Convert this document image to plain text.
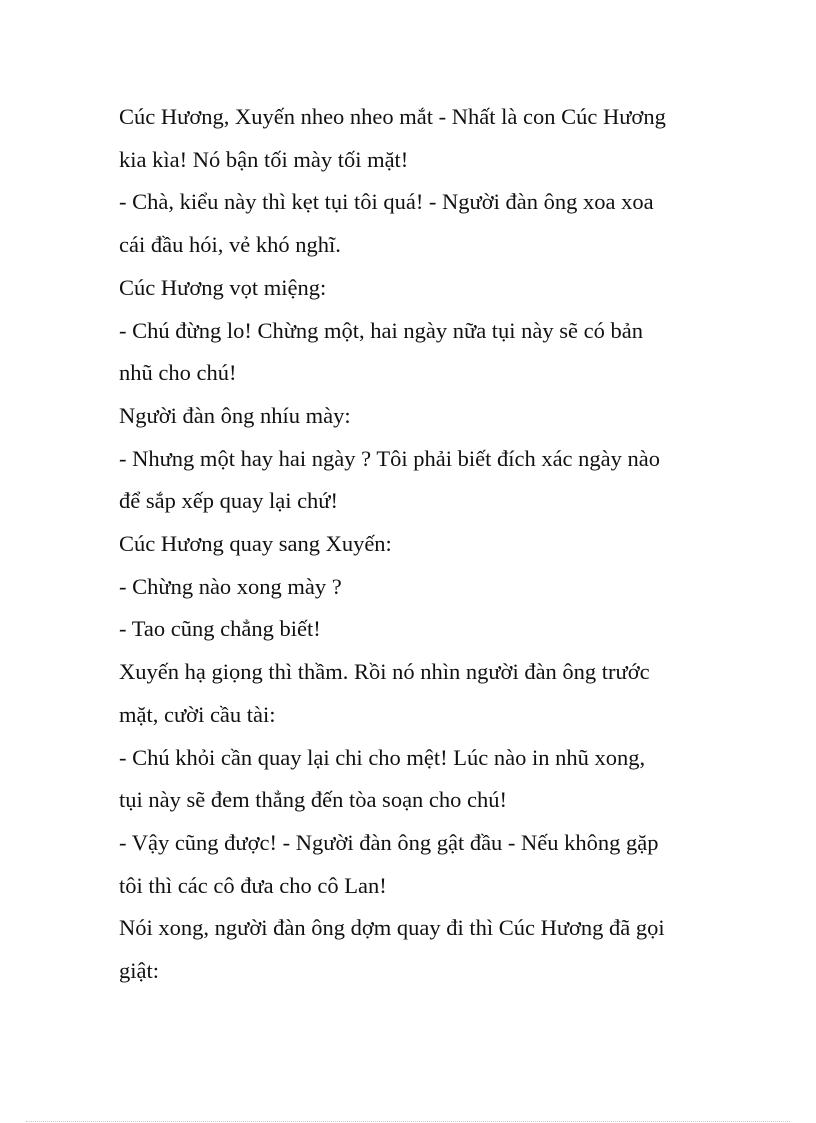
Cúc Hương, Xuyến nheo nheo mắt - Nhất là con Cúc Hương
kia kìa! Nó bận tối mày tối mặt!
- Chà, kiểu này thì kẹt tụi tôi quá! - Người đàn ông xoa xoa
cái đầu hói, vẻ khó nghĩ.
Cúc Hương vọt miệng:
- Chú đừng lo! Chừng một, hai ngày nữa tụi này sẽ có bản
nhũ cho chú!
Người đàn ông nhíu mày:
- Nhưng một hay hai ngày ? Tôi phải biết đích xác ngày nào
để sắp xếp quay lại chứ!
Cúc Hương quay sang Xuyến:
- Chừng nào xong mày ?
- Tao cũng chẳng biết!
Xuyến hạ giọng thì thầm. Rồi nó nhìn người đàn ông trước
mặt, cười cầu tài:
- Chú khỏi cần quay lại chi cho mệt! Lúc nào in nhũ xong,
tụi này sẽ đem thẳng đến tòa soạn cho chú!
- Vậy cũng được! - Người đàn ông gật đầu - Nếu không gặp
tôi thì các cô đưa cho cô Lan!
Nói xong, người đàn ông dợm quay đi thì Cúc Hương đã gọi
giật:
